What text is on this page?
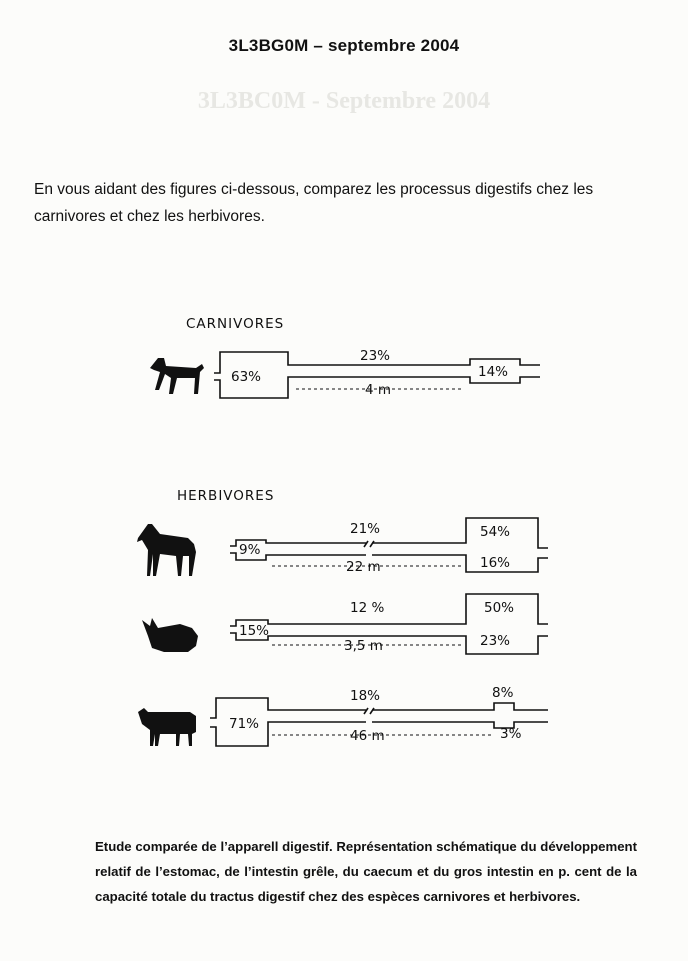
3L3BC0M - Septembre 2004
3L3BG0M – septembre 2004
En vous aidant des figures ci-dessous, comparez les processus digestifs chez les carnivores et chez les herbivores.
CARNIVORES
63%
23%
14%
4 m
HERBIVORES
9%
21%	54%
16%
22 m
15%
12 %	50%
23%
3,5 m
71%
18%	8%
3%
46 m
Etude comparée de l’apparell digestif. Représentation schématique du développement relatif de l’estomac, de l’intestin grêle, du caecum et du gros intestin en p. cent de la capacité totale du tractus digestif chez des espèces carnivores et herbivores.
